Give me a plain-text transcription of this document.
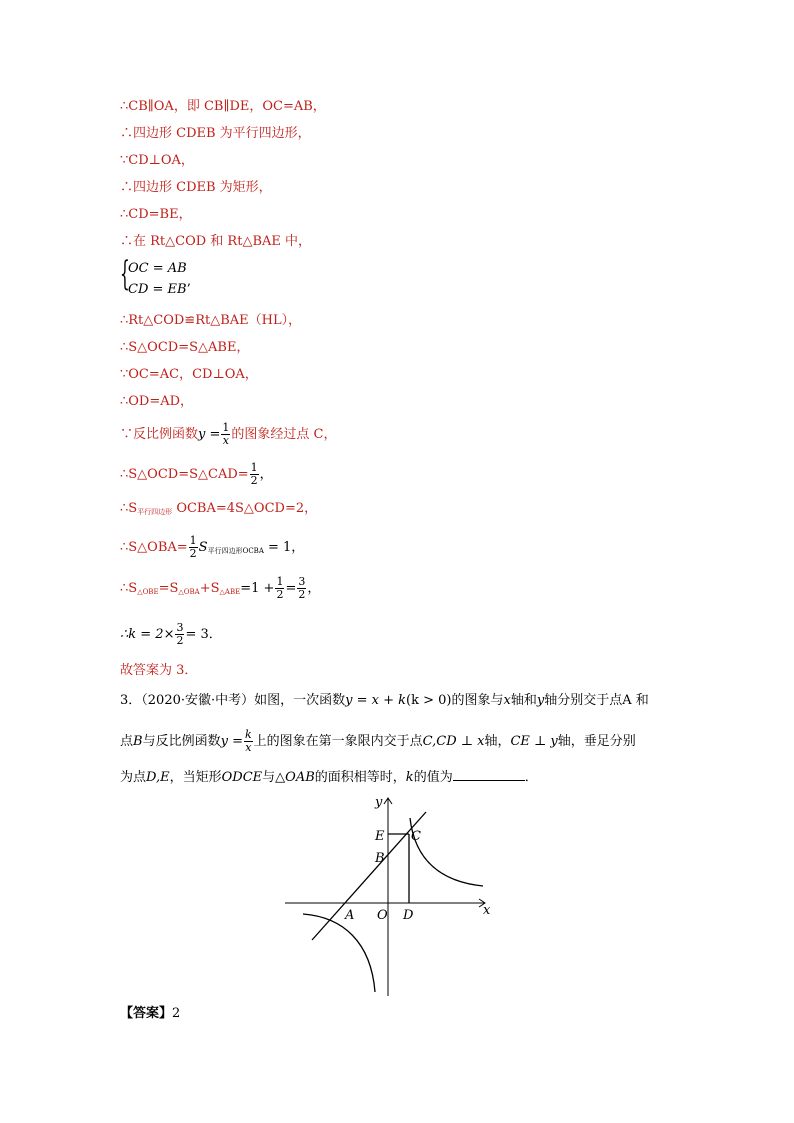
∴CB∥OA，即 CB∥DE，OC=AB，
∴四边形 CDEB 为平行四边形，
∵CD⊥OA，
∴四边形 CDEB 为矩形，
∴CD=BE，
∴在 Rt△COD 和 Rt△BAE 中，
{
OC = AB
CD = EB’
∴Rt△COD≌Rt△BAE（HL），
∴S△OCD=S△ABE，
∵OC=AC，CD⊥OA，
∴OD=AD，
∵反比例函数$y = \frac{1}{x}$ 的图象经过点 C，
∴S△OCD=S△CAD= $\frac{1}{2}$ ，
$\therefore S_{平行四边形}$ OCBA=4S△OCD=2，
∴S△OBA= $\frac{1}{2} S_{平行四边形OCBA} = 1$，
$\therefore S_{\triangle OBE}=S_{\triangle OBA}+S_{\triangle ABE}=1 + \frac{1}{2} = \frac{3}{2}$ ，
∴k = $2\times \frac{3}{2} = 3$．
故答案为 3．
3．（2020·安徽·中考）如图，一次函数y = x + k(k > 0)的图象与x轴和y轴分别交于点A 和
点B与反比例函数$y = \frac{k}{x}$ 上的图象在第一象限内交于点C,CD ⊥ x轴，CE ⊥ y轴，垂足分别
为点D,E，当矩形ODCE与△OAB的面积相等时，k的值为	．
y
x
E C
B
A O D
【答案】2
